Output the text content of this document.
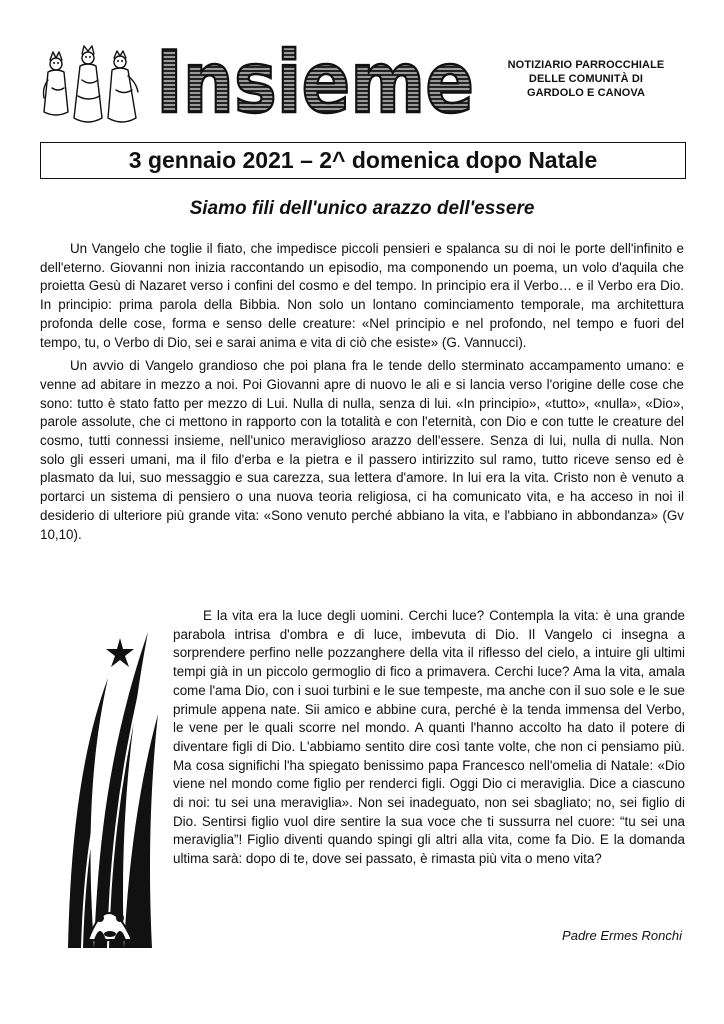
Insieme	NOTIZIARIO PARROCCHIALE
DELLE COMUNITÀ DI
GARDOLO E CANOVA
3 gennaio 2021 – 2^ domenica dopo Natale
Siamo fili dell'unico arazzo dell'essere

Un Vangelo che toglie il fiato, che impedisce piccoli pensieri e spalanca su di noi le porte dell'infinito e dell'eterno. Giovanni non inizia raccontando un episodio, ma componendo un poema, un volo d'aquila che proietta Gesù di Nazaret verso i confini del cosmo e del tempo. In principio era il Verbo… e il Verbo era Dio. In principio: prima parola della Bibbia. Non solo un lontano cominciamento temporale, ma architettura profonda delle cose, forma e senso delle creature: «Nel principio e nel profondo, nel tempo e fuori del tempo, tu, o Verbo di Dio, sei e sarai anima e vita di ciò che esiste» (G. Vannucci).

Un avvio di Vangelo grandioso che poi plana fra le tende dello sterminato accampamento umano: e venne ad abitare in mezzo a noi. Poi Giovanni apre di nuovo le ali e si lancia verso l'origine delle cose che sono: tutto è stato fatto per mezzo di Lui. Nulla di nulla, senza di lui. «In principio», «tutto», «nulla», «Dio», parole assolute, che ci mettono in rapporto con la totalità e con l'eternità, con Dio e con tutte le creature del cosmo, tutti connessi insieme, nell'unico meraviglioso arazzo dell'essere. Senza di lui, nulla di nulla. Non solo gli esseri umani, ma il filo d'erba e la pietra e il passero intirizzito sul ramo, tutto riceve senso ed è plasmato da lui, suo messaggio e sua carezza, sua lettera d'amore. In lui era la vita. Cristo non è venuto a portarci un sistema di pensiero o una nuova teoria religiosa, ci ha comunicato vita, e ha acceso in noi il desiderio di ulteriore più grande vita: «Sono venuto perché abbiano la vita, e l'abbiano in abbondanza» (Gv 10,10).

E la vita era la luce degli uomini. Cerchi luce? Contempla la vita: è una grande parabola intrisa d'ombra e di luce, imbevuta di Dio. Il Vangelo ci insegna a sorprendere perfino nelle pozzanghere della vita il riflesso del cielo, a intuire gli ultimi tempi già in un piccolo germoglio di fico a primavera. Cerchi luce? Ama la vita, amala come l'ama Dio, con i suoi turbini e le sue tempeste, ma anche con il suo sole e le sue primule appena nate. Sii amico e abbine cura, perché è la tenda immensa del Verbo, le vene per le quali scorre nel mondo. A quanti l'hanno accolto ha dato il potere di diventare figli di Dio. L'abbiamo sentito dire così tante volte, che non ci pensiamo più. Ma cosa significhi l'ha spiegato benissimo papa Francesco nell'omelia di Natale: «Dio viene nel mondo come figlio per renderci figli. Oggi Dio ci meraviglia. Dice a ciascuno di noi: tu sei una meraviglia». Non sei inadeguato, non sei sbagliato; no, sei figlio di Dio. Sentirsi figlio vuol dire sentire la sua voce che ti sussurra nel cuore: “tu sei una meraviglia”! Figlio diventi quando spingi gli altri alla vita, come fa Dio. E la domanda ultima sarà: dopo di te, dove sei passato, è rimasta più vita o meno vita?

Padre Ermes Ronchi
